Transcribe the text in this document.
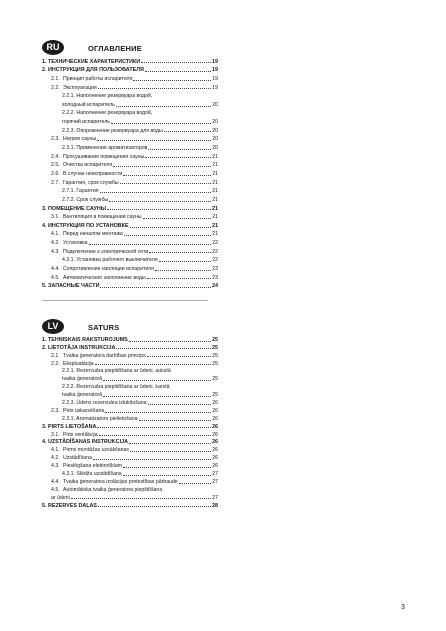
RU	ОГЛАВЛЕНИЕ
1. ТЕХНИЧЕСКИЕ ХАРАКТЕРИСТИКИ	19
2. ИНСТРУКЦИЯ ДЛЯ ПОЛЬЗОВАТЕЛЯ	19
2.1. Принцип работы испарителя	19
2.2. Эксплуатация	19
2.2.1. Наполнение резервуара водой,
холодный испаритель	20
2.2.2. Наполнение резервуара водой,
горячий испаритель	20
2.2.3. Опорожнение резервуара для воды	20
2.3. Нагрев сауны	20
2.3.1. Применение ароматизаторов	20
2.4. Просушивание помещения сауны	21
2.5. Очистка испарителя	21
2.6. В случае неисправности	21
2.7. Гарантия, срок службы	21
2.7.1. Гарантия	21
2.7.2. Срок службы	21
3. ПОМЕЩЕНИЕ САУНЫ	21
3.1. Вентиляция в помещении сауны	21
4. ИНСТРУКЦИЯ ПО УСТАНОВКЕ	21
4.1. Перед началом монтажа	21
4.2. Установка	22
4.3. Подключение к электрической сети	22
4.3.1. Установка рабочего выключателя	22
4.4. Сопротивление изоляции испарителя	23
4.5. Автоматическое заполнение воды	23
5. ЗАПАСНЫЕ ЧАСТИ	24
LV	SATURS
1. TEHNISKAIS RAKSTUROJUMS	25
2. LIETOTĀJA INSTRUKCIJA	25
2.1. Tvaika ģeneratora darbības princips	25
2.2. Ekspluatācija	25
2.2.1. Rezervuāra piepildīšana ar ūdeni, aukstā
tvaika ģeneratorā	25
2.2.2. Rezervuāra piepildīšana ar ūdeni, karstā
tvaika ģeneratorā	25
2.2.3. Ūdens rezervuāra iztukšošana	26
2.3. Pirts uzkarsēšana	26
2.3.1. Aromatizatoru pielietošana	26
3. PIRTS LIETOŠANA	26
3.1. Pirts ventilācija	26
4. UZSTĀDĪŠANAS INSTRUKCIJA	26
4.1. Pirms montāžas uzsākšanas	26
4.2. Uzstādīšana	26
4.3. Pieslēgšana elektrotīklam	26
4.3.1. Slēdža uzstādīšana	27
4.4. Tvaika ģeneratora izolācijas pretestības pārbaude	27
4.5. Automātiska tvaika ģeneratora piepildīšana
ar ūdeni	27
5. REZERVES DAĻAS	28
3
